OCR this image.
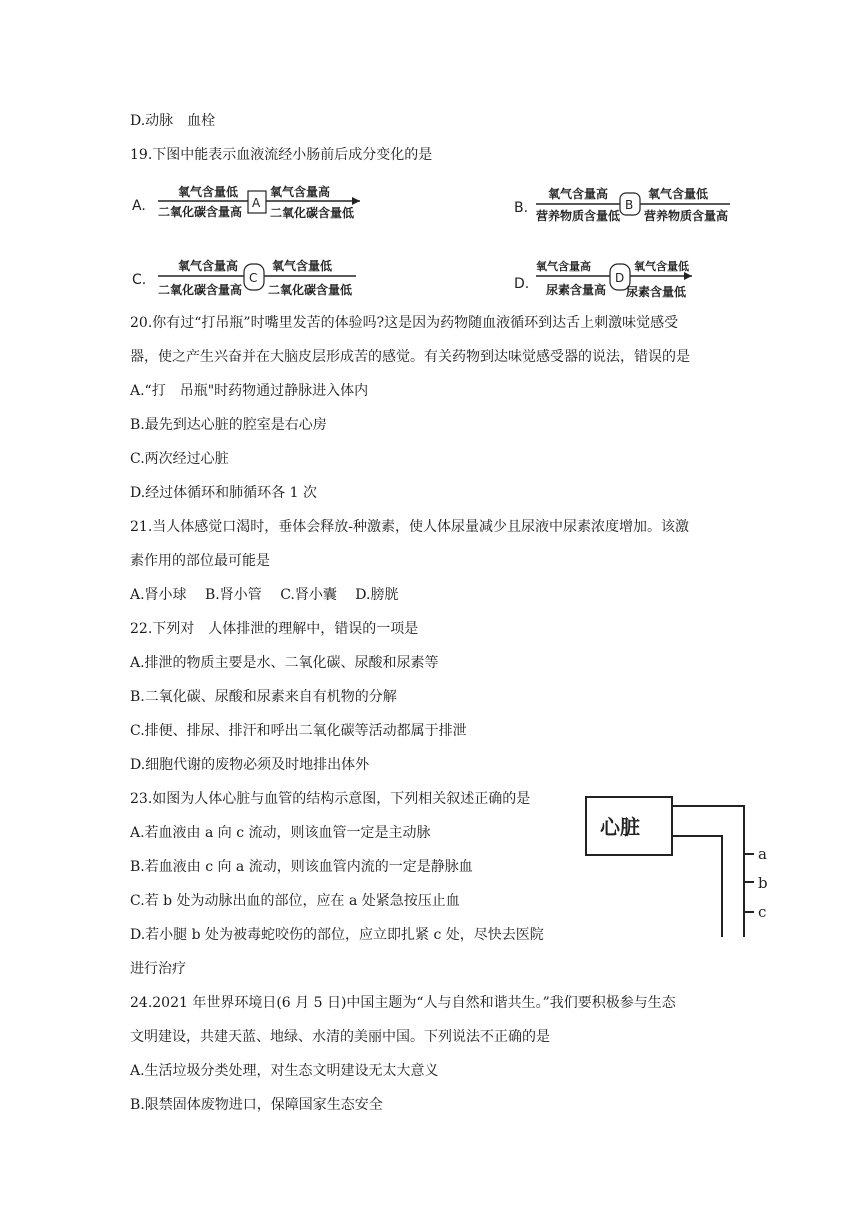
D.动脉　血栓
19.下图中能表示血液流经小肠前后成分变化的是
A.
氧气含量低
二氧化碳含量高
A
氧气含量高
二氧化碳含量低	B.
氧气含量高
营养物质含量低
B
氧气含量低
营养物质含量高
C.
氧气含量高
二氧化碳含量高
C
氧气含量低
二氧化碳含量低	D.
氧气含量高
尿素含量高
D
氧气含量低
尿素含量低
20.你有过“打吊瓶”时嘴里发苦的体验吗?这是因为药物随血液循环到达舌上刺激味觉感受
器，使之产生兴奋并在大脑皮层形成苦的感觉。有关药物到达味觉感受器的说法，错误的是
A.“打　吊瓶"时药物通过静脉进入体内
B.最先到达心脏的腔室是右心房
C.两次经过心脏
D.经过体循环和肺循环各 1 次
21.当人体感觉口渴时，垂体会释放-种激素，使人体尿量减少且尿液中尿素浓度增加。该激
素作用的部位最可能是
A.肾小球　 B.肾小管　 C.肾小囊　 D.膀胱
22.下列对　人体排泄的理解中，错误的一项是
A.排泄的物质主要是水、二氧化碳、尿酸和尿素等
B.二氧化碳、尿酸和尿素来自有机物的分解
C.排便、排尿、排汗和呼出二氧化碳等活动都属于排泄
D.细胞代谢的废物必须及时地排出体外
23.如图为人体心脏与血管的结构示意图，下列相关叙述正确的是
A.若血液由 a 向 c 流动，则该血管一定是主动脉
B.若血液由 c 向 a 流动，则该血管内流的一定是静脉血
C.若 b 处为动脉出血的部位，应在 a 处紧急按压止血
D.若小腿 b 处为被毒蛇咬伤的部位，应立即扎紧 c 处，尽快去医院
进行治疗
心脏
a
b
c
24.2021 年世界环境日(6 月 5 日)中国主题为“人与自然和谐共生。”我们要积极参与生态
文明建设，共建天蓝、地绿、水清的美丽中国。下列说法不正确的是
A.生活垃圾分类处理，对生态文明建设无太大意义
B.限禁固体废物进口，保障国家生态安全
